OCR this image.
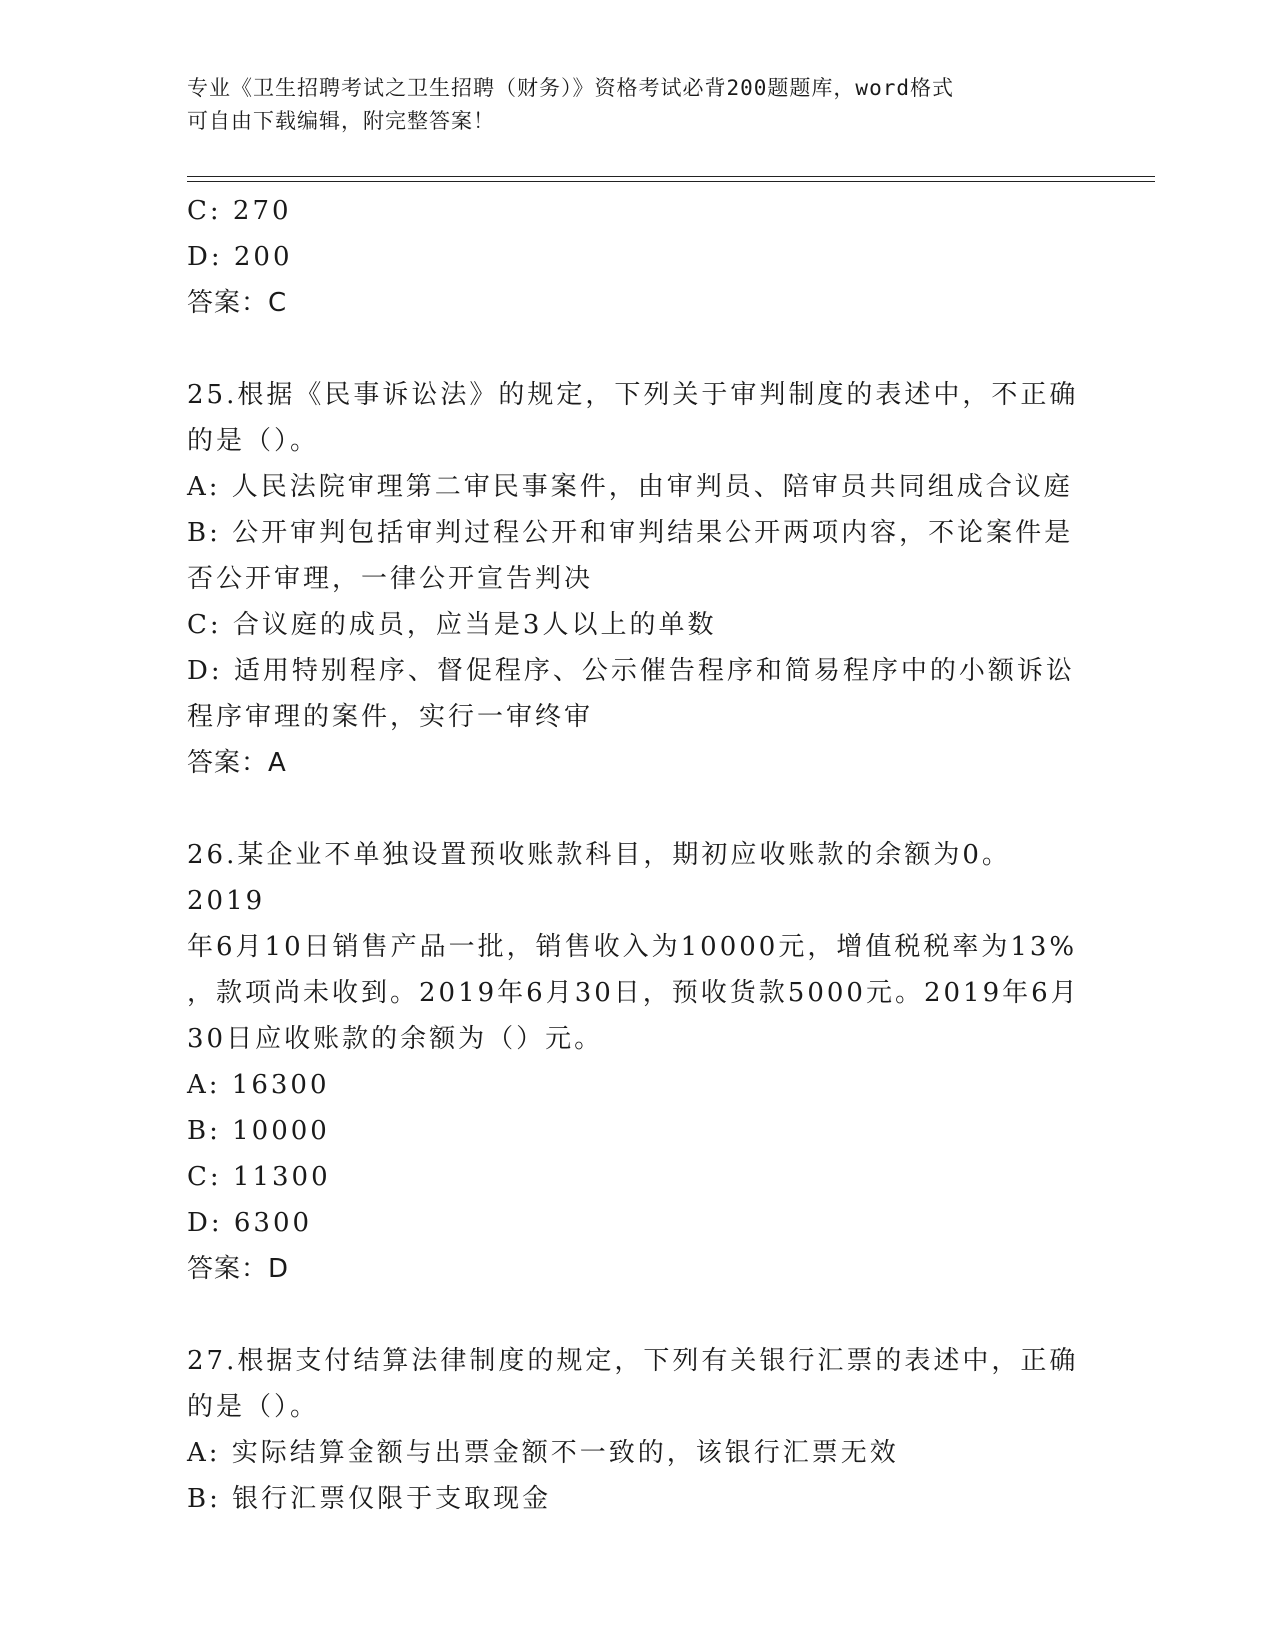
专业《卫生招聘考试之卫生招聘（财务）》资格考试必背200题题库，word格式
可自由下载编辑，附完整答案！
C: 270
D: 200
答案：C
25.根据《民事诉讼法》的规定，下列关于审判制度的表述中，不正确
的是（）。
A: 人民法院审理第二审民事案件，由审判员、陪审员共同组成合议庭
B: 公开审判包括审判过程公开和审判结果公开两项内容，不论案件是
否公开审理，一律公开宣告判决
C: 合议庭的成员，应当是3人以上的单数
D: 适用特别程序、督促程序、公示催告程序和简易程序中的小额诉讼
程序审理的案件，实行一审终审
答案：A
26.某企业不单独设置预收账款科目，期初应收账款的余额为0。2019
年6月10日销售产品一批，销售收入为10000元，增值税税率为13%
，款项尚未收到。2019年6月30日，预收货款5000元。2019年6月
30日应收账款的余额为（）元。
A: 16300
B: 10000
C: 11300
D: 6300
答案：D
27.根据支付结算法律制度的规定，下列有关银行汇票的表述中，正确
的是（）。
A: 实际结算金额与出票金额不一致的，该银行汇票无效
B: 银行汇票仅限于支取现金
